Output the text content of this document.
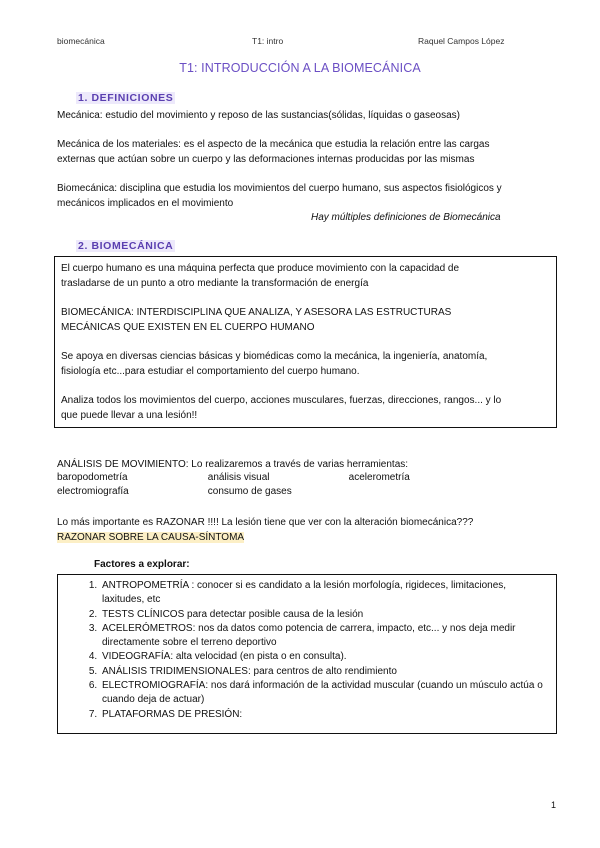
biomecánica	T1: intro	Raquel Campos López
T1: INTRODUCCIÓN A LA BIOMECÁNICA
1. DEFINICIONES
Mecánica: estudio del movimiento y reposo de las sustancias(sólidas, líquidas o gaseosas)
Mecánica de los materiales: es el aspecto de la mecánica que estudia la relación entre las cargas
externas que actúan sobre un cuerpo y las deformaciones internas producidas por las mismas
Biomecánica: disciplina que estudia los movimientos del cuerpo humano, sus aspectos fisiológicos y
mecánicos implicados en el movimiento
Hay múltiples definiciones de Biomecánica
2. BIOMECÁNICA
El cuerpo humano es una máquina perfecta que produce movimiento con la capacidad de
trasladarse de un punto a otro mediante la transformación de energía
BIOMECÁNICA: INTERDISCIPLINA QUE ANALIZA, Y ASESORA LAS ESTRUCTURAS
MECÁNICAS QUE EXISTEN EN EL CUERPO HUMANO
Se apoya en diversas ciencias básicas y biomédicas como la mecánica, la ingeniería, anatomía,
fisiología etc...para estudiar el comportamiento del cuerpo humano.
Analiza todos los movimientos del cuerpo, acciones musculares, fuerzas, direcciones, rangos... y lo
que puede llevar a una lesión!!
ANÁLISIS DE MOVIMIENTO: Lo realizaremos a través de varias herramientas:
baropodometría	análisis visual	acelerometría
electromiografía	consumo de gases
Lo más importante es RAZONAR !!!! La lesión tiene que ver con la alteración biomecánica???
RAZONAR SOBRE LA CAUSA-SÍNTOMA
Factores a explorar:
1. ANTROPOMETRÍA : conocer si es candidato a la lesión morfología, rigideces, limitaciones, laxitudes, etc
2. TESTS CLÍNICOS para detectar posible causa de la lesión
3. ACELERÓMETROS: nos da datos como potencia de carrera, impacto, etc... y nos deja medir directamente sobre el terreno deportivo
4. VIDEOGRAFÍA: alta velocidad (en pista o en consulta).
5. ANÁLISIS TRIDIMENSIONALES: para centros de alto rendimiento
6. ELECTROMIOGRAFÍA: nos dará información de la actividad muscular (cuando un músculo actúa o cuando deja de actuar)
7. PLATAFORMAS DE PRESIÓN:
1
